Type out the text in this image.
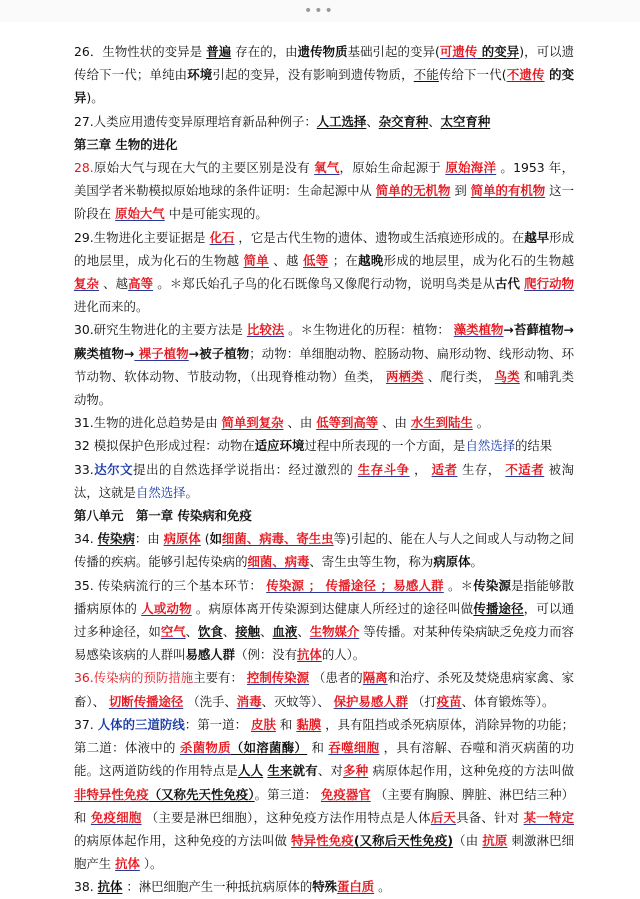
•••

26．生物性状的变异是 普遍 存在的，由遗传物质基础引起的变异(可遗传 的变异)，可以遗传给下一代；单纯由环境引起的变异，没有影响到遗传物质，不能传给下一代(不遗传 的变异)。

27.人类应用遗传变异原理培育新品种例子：人工选择、杂交育种、太空育种

第三章 生物的进化

28.原始大气与现在大气的主要区别是没有 氧气，原始生命起源于 原始海洋 。1953 年，美国学者米勒模拟原始地球的条件证明：生命起源中从 简单的无机物 到 简单的有机物 这一阶段在 原始大气 中是可能实现的。

29.生物进化主要证据是 化石 ，它是古代生物的遗体、遗物或生活痕迹形成的。在越早形成的地层里，成为化石的生物越 简单 、越 低等 ；在越晚形成的地层里，成为化石的生物越 复杂 、越高等 。＊郑氏始孔子鸟的化石既像鸟又像爬行动物，说明鸟类是从古代 爬行动物 进化而来的。

30.研究生物进化的主要方法是 比较法 。＊生物进化的历程：植物： 藻类植物→苔藓植物→蕨类植物→ 裸子植物→被子植物；动物：单细胞动物、腔肠动物、扁形动物、线形动物、环节动物、软体动物、节肢动物，（出现脊椎动物）鱼类， 两栖类 、爬行类， 鸟类 和哺乳类动物。

31.生物的进化总趋势是由 简单到复杂 、由 低等到高等 、由 水生到陆生 。

32 模拟保护色形成过程：动物在适应环境过程中所表现的一个方面，是自然选择的结果

33.达尔文提出的自然选择学说指出：经过激烈的 生存斗争 ， 适者 生存， 不适者 被淘汰，这就是自然选择。

第八单元　第一章 传染病和免疫

34. 传染病：由 病原体 (如细菌、病毒、寄生虫等)引起的、能在人与人之间或人与动物之间传播的疾病。能够引起传染病的细菌、病毒、寄生虫等生物，称为病原体。

35. 传染病流行的三个基本环节： 传染源 ； 传播途径 ；易感人群 。＊传染源是指能够散播病原体的 人或动物 。病原体离开传染源到达健康人所经过的途径叫做传播途径，可以通过多种途径，如空气、饮食、接触、血液、生物媒介 等传播。对某种传染病缺乏免疫力而容易感染该病的人群叫易感人群（例：没有抗体的人）。

36.传染病的预防措施主要有： 控制传染源 （患者的隔离和治疗、杀死及焚烧患病家禽、家畜）、 切断传播途径 （洗手、消毒、灭蚊等）、 保护易感人群 （打疫苗、体育锻炼等）。

37. 人体的三道防线：第一道： 皮肤 和 黏膜 ，具有阻挡或杀死病原体，消除异物的功能；第二道：体液中的 杀菌物质（如溶菌酶） 和 吞噬细胞 ，具有溶解、吞噬和消灭病菌的功能。这两道防线的作用特点是人人 生来就有、对多种 病原体起作用，这种免疫的方法叫做 非特异性免疫（又称先天性免疫）。第三道： 免疫器官 （主要有胸腺、脾脏、淋巴结三种）和 免疫细胞 （主要是淋巴细胞），这种免疫方法作用特点是人体后天具备、针对 某一特定的病原体起作用，这种免疫的方法叫做 特异性免疫(又称后天性免疫)（由 抗原 刺激淋巴细胞产生 抗体 ）。

38. 抗体 ：淋巴细胞产生一种抵抗病原体的特殊蛋白质 。
